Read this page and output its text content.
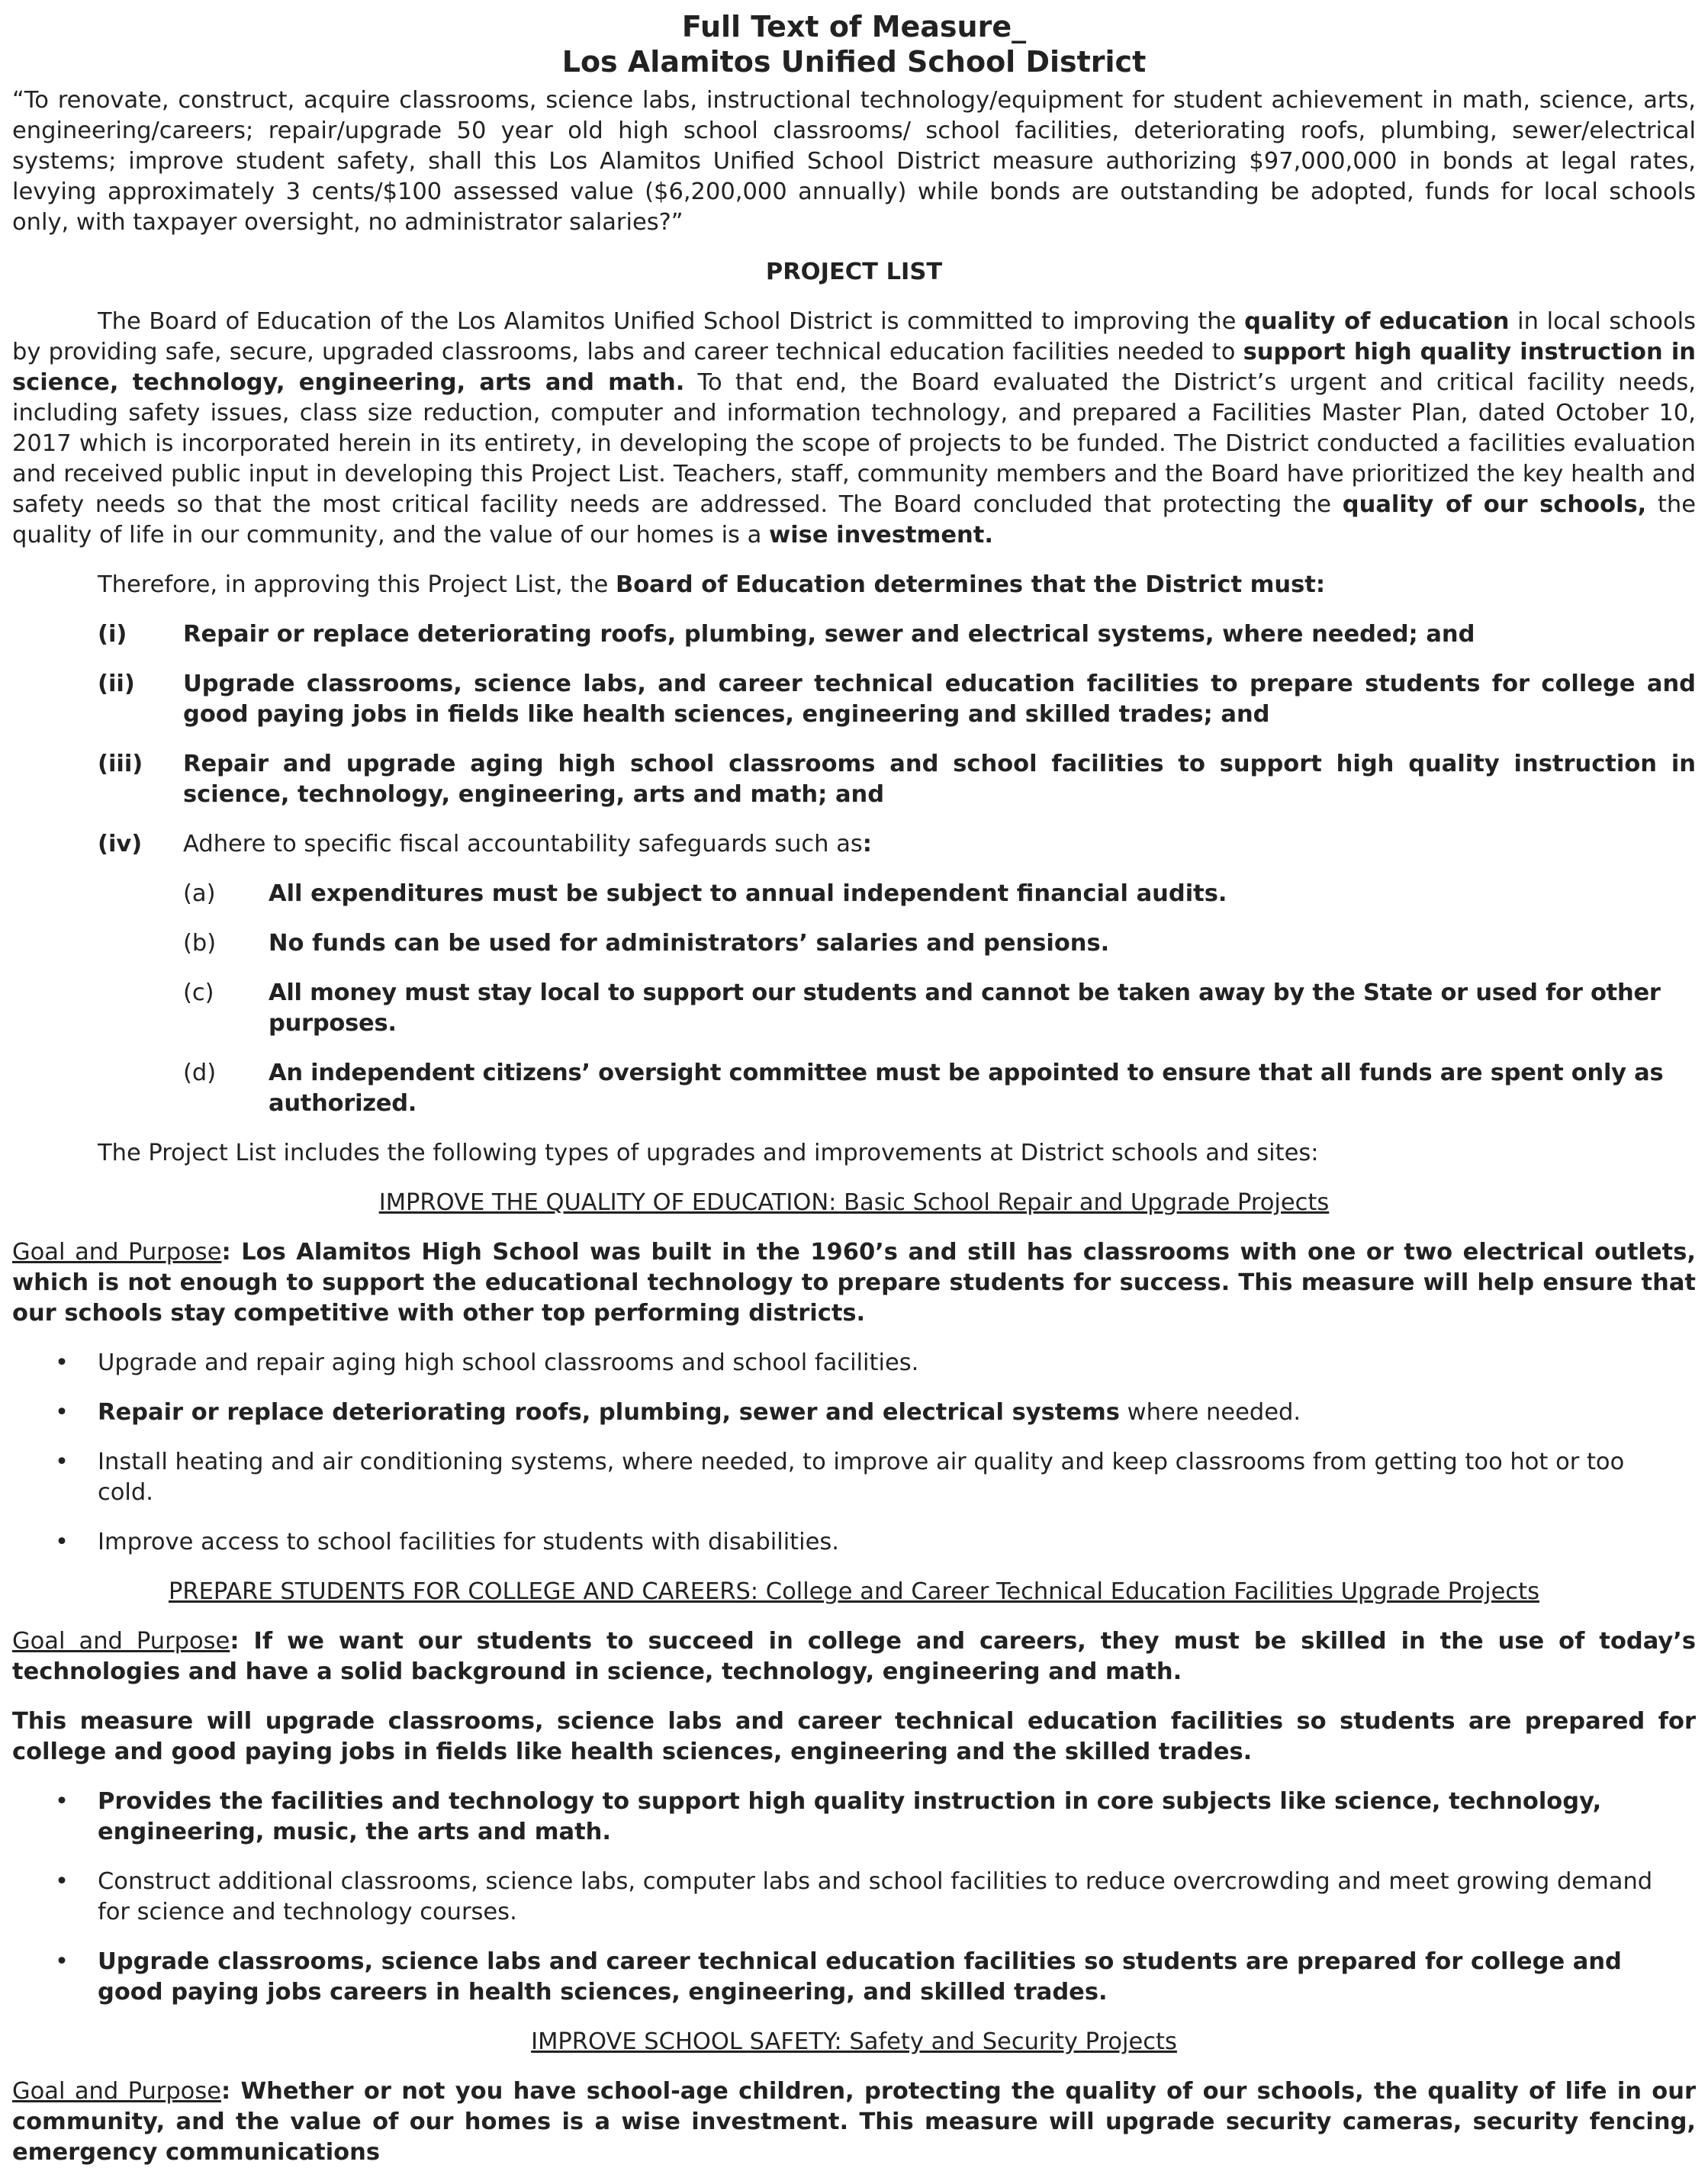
Full Text of Measure_
Los Alamitos Unified School District
“To renovate, construct, acquire classrooms, science labs, instructional technology/equipment for student achievement in math, science, arts, engineering/careers; repair/upgrade 50 year old high school classrooms/ school facilities, deteriorating roofs, plumbing, sewer/electrical systems; improve student safety, shall this Los Alamitos Unified School District measure authorizing $97,000,000 in bonds at legal rates, levying approximately 3 cents/$100 assessed value ($6,200,000 annually) while bonds are outstanding be adopted, funds for local schools only, with taxpayer oversight, no administrator salaries?”
PROJECT LIST
The Board of Education of the Los Alamitos Unified School District is committed to improving the quality of education in local schools by providing safe, secure, upgraded classrooms, labs and career technical education facilities needed to support high quality instruction in science, technology, engineering, arts and math. To that end, the Board evaluated the District’s urgent and critical facility needs, including safety issues, class size reduction, computer and information technology, and prepared a Facilities Master Plan, dated October 10, 2017 which is incorporated herein in its entirety, in developing the scope of projects to be funded. The District conducted a facilities evaluation and received public input in developing this Project List. Teachers, staff, community members and the Board have prioritized the key health and safety needs so that the most critical facility needs are addressed. The Board concluded that protecting the quality of our schools, the quality of life in our community, and the value of our homes is a wise investment.
Therefore, in approving this Project List, the Board of Education determines that the District must:
(i)	Repair or replace deteriorating roofs, plumbing, sewer and electrical systems, where needed; and
(ii)	Upgrade classrooms, science labs, and career technical education facilities to prepare students for college and good paying jobs in fields like health sciences, engineering and skilled trades; and
(iii)	Repair and upgrade aging high school classrooms and school facilities to support high quality instruction in science, technology, engineering, arts and math; and
(iv)	Adhere to specific fiscal accountability safeguards such as:
(a)	All expenditures must be subject to annual independent financial audits.
(b)	No funds can be used for administrators’ salaries and pensions.
(c)	All money must stay local to support our students and cannot be taken away by the State or used for other purposes.
(d)	An independent citizens’ oversight committee must be appointed to ensure that all funds are spent only as authorized.
The Project List includes the following types of upgrades and improvements at District schools and sites:
IMPROVE THE QUALITY OF EDUCATION: Basic School Repair and Upgrade Projects
Goal and Purpose: Los Alamitos High School was built in the 1960’s and still has classrooms with one or two electrical outlets, which is not enough to support the educational technology to prepare students for success. This measure will help ensure that our schools stay competitive with other top performing districts.
•	Upgrade and repair aging high school classrooms and school facilities.
•	Repair or replace deteriorating roofs, plumbing, sewer and electrical systems where needed.
•	Install heating and air conditioning systems, where needed, to improve air quality and keep classrooms from getting too hot or too cold.
•	Improve access to school facilities for students with disabilities.
PREPARE STUDENTS FOR COLLEGE AND CAREERS: College and Career Technical Education Facilities Upgrade Projects
Goal and Purpose: If we want our students to succeed in college and careers, they must be skilled in the use of today’s technologies and have a solid background in science, technology, engineering and math.
This measure will upgrade classrooms, science labs and career technical education facilities so students are prepared for college and good paying jobs in fields like health sciences, engineering and the skilled trades.
•	Provides the facilities and technology to support high quality instruction in core subjects like science, technology, engineering, music, the arts and math.
•	Construct additional classrooms, science labs, computer labs and school facilities to reduce overcrowding and meet growing demand for science and technology courses.
•	Upgrade classrooms, science labs and career technical education facilities so students are prepared for college and good paying jobs careers in health sciences, engineering, and skilled trades.
IMPROVE SCHOOL SAFETY: Safety and Security Projects
Goal and Purpose: Whether or not you have school-age children, protecting the quality of our schools, the quality of life in our community, and the value of our homes is a wise investment. This measure will upgrade security cameras, security fencing, emergency communications
